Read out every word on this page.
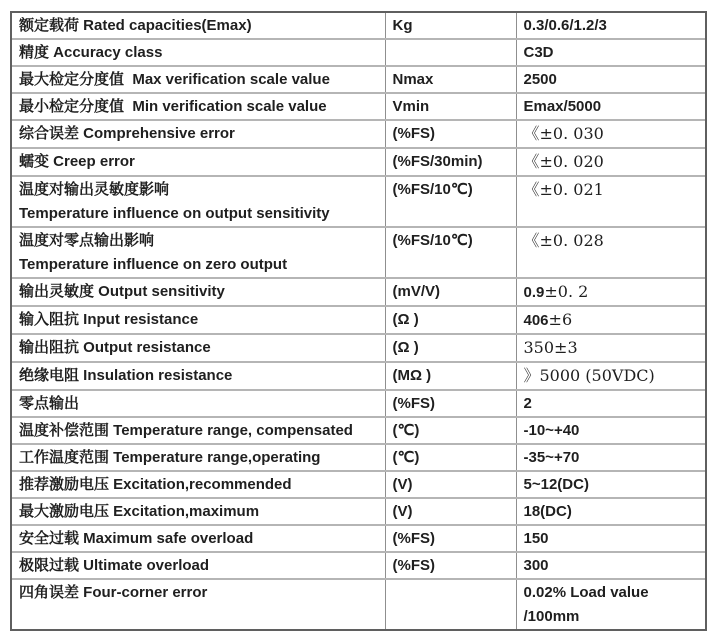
额定载荷 Rated capacities(Emax)	Kg	0.3/0.6/1.2/3

精度 Accuracy class		C3D

最大检定分度值  Max verification scale value	Nmax	2500

最小检定分度值  Min verification scale value	Vmin	Emax/5000

综合误差 Comprehensive error	(%FS)	《±0. 030

蠕变 Creep error	(%FS/30min)	《±0. 020

温度对输出灵敏度影响
Temperature influence on output sensitivity	(%FS/10℃)	《±0. 021

温度对零点输出影响
Temperature influence on zero output	(%FS/10℃)	《±0. 028

输出灵敏度 Output sensitivity	(mV/V)	0.9±0. 2

输入阻抗 Input resistance	(Ω )	406±6

输出阻抗 Output resistance	(Ω )	350±3

绝缘电阻 Insulation resistance	(MΩ )	》5000 (50VDC)

零点输出	(%FS)	2

温度补偿范围 Temperature range, compensated	(℃)	-10~+40

工作温度范围 Temperature range,operating	(℃)	-35~+70

推荐激励电压 Excitation,recommended	(V)	5~12(DC)

最大激励电压 Excitation,maximum	(V)	18(DC)

安全过载 Maximum safe overload	(%FS)	150

极限过载 Ultimate overload	(%FS)	300

四角误差 Four-corner error		0.02% Load value
/100mm
